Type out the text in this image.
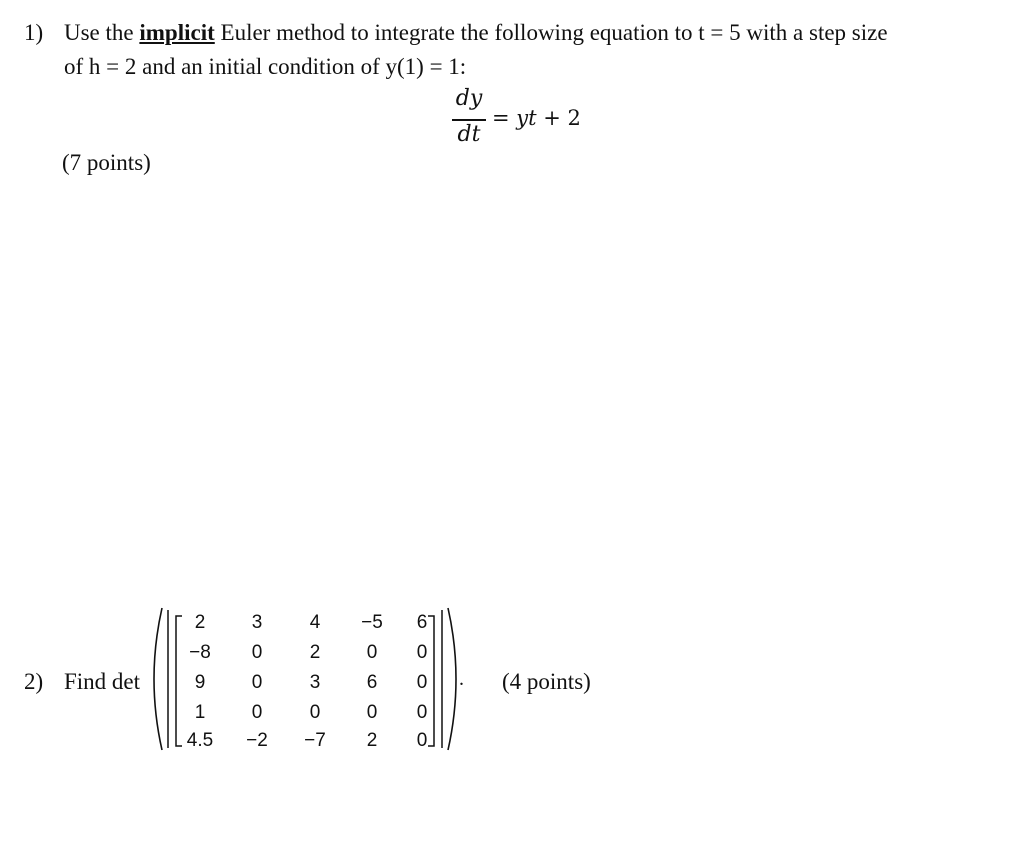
1) Use the implicit Euler method to integrate the following equation to t = 5 with a step size
of h = 2 and an initial condition of y(1) = 1:
dy
dt
= yt + 2
(7 points)
2) Find det
2	3	4	−5	6
−8	0	2	0	0
9	0	3	6	0
1	0	0	0	0
4.5	−2	−7	2	0
. (4 points)
